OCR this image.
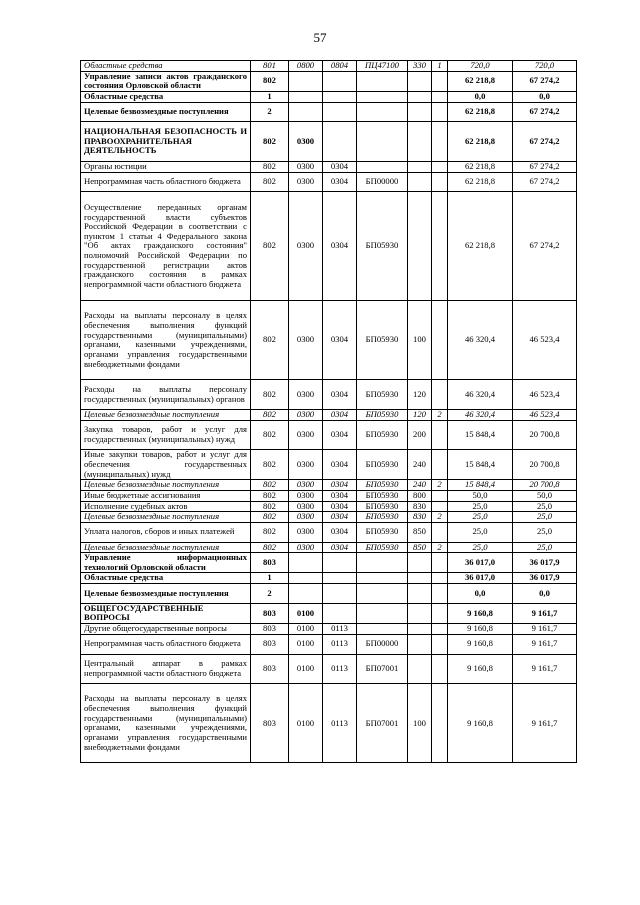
57
Областные средства	801	0800	0804	ПЦ47100	330	1	720,0	720,0
Управление записи актов гражданского состояния Орловской области	802						62 218,8	67 274,2
Областные средства	1						0,0	0,0
Целевые безвозмездные поступления	2						62 218,8	67 274,2
НАЦИОНАЛЬНАЯ БЕЗОПАСНОСТЬ И ПРАВООХРАНИТЕЛЬНАЯ ДЕЯТЕЛЬНОСТЬ	802	0300					62 218,8	67 274,2
Органы юстиции	802	0300	0304				62 218,8	67 274,2
Непрограммная часть областного бюджета	802	0300	0304	БП00000			62 218,8	67 274,2
Осуществление переданных органам государственной власти субъектов Российской Федерации в соответствии с пунктом 1 статьи 4 Федерального закона "Об актах гражданского состояния" полномочий Российской Федерации по государственной регистрации актов гражданского состояния в рамках непрограммной части областного бюджета	802	0300	0304	БП05930			62 218,8	67 274,2
Расходы на выплаты персоналу в целях обеспечения выполнения функций государственными (муниципальными) органами, казенными учреждениями, органами управления государственными внебюджетными фондами	802	0300	0304	БП05930	100		46 320,4	46 523,4
Расходы на выплаты персоналу государственных (муниципальных) органов	802	0300	0304	БП05930	120		46 320,4	46 523,4
Целевые безвозмездные поступления	802	0300	0304	БП05930	120	2	46 320,4	46 523,4
Закупка товаров, работ и услуг для государственных (муниципальных) нужд	802	0300	0304	БП05930	200		15 848,4	20 700,8
Иные закупки товаров, работ и услуг для обеспечения государственных (муниципальных) нужд	802	0300	0304	БП05930	240		15 848,4	20 700,8
Целевые безвозмездные поступления	802	0300	0304	БП05930	240	2	15 848,4	20 700,8
Иные бюджетные ассигнования	802	0300	0304	БП05930	800		50,0	50,0
Исполнение судебных актов	802	0300	0304	БП05930	830		25,0	25,0
Целевые безвозмездные поступления	802	0300	0304	БП05930	830	2	25,0	25,0
Уплата налогов, сборов и иных платежей	802	0300	0304	БП05930	850		25,0	25,0
Целевые безвозмездные поступления	802	0300	0304	БП05930	850	2	25,0	25,0
Управление информационных технологий Орловской области	803						36 017,0	36 017,9
Областные средства	1						36 017,0	36 017,9
Целевые безвозмездные поступления	2						0,0	0,0
ОБЩЕГОСУДАРСТВЕННЫЕ ВОПРОСЫ	803	0100					9 160,8	9 161,7
Другие общегосударственные вопросы	803	0100	0113				9 160,8	9 161,7
Непрограммная часть областного бюджета	803	0100	0113	БП00000			9 160,8	9 161,7
Центральный аппарат в рамках непрограммной части областного бюджета	803	0100	0113	БП07001			9 160,8	9 161,7
Расходы на выплаты персоналу в целях обеспечения выполнения функций государственными (муниципальными) органами, казенными учреждениями, органами управления государственными внебюджетными фондами	803	0100	0113	БП07001	100		9 160,8	9 161,7
